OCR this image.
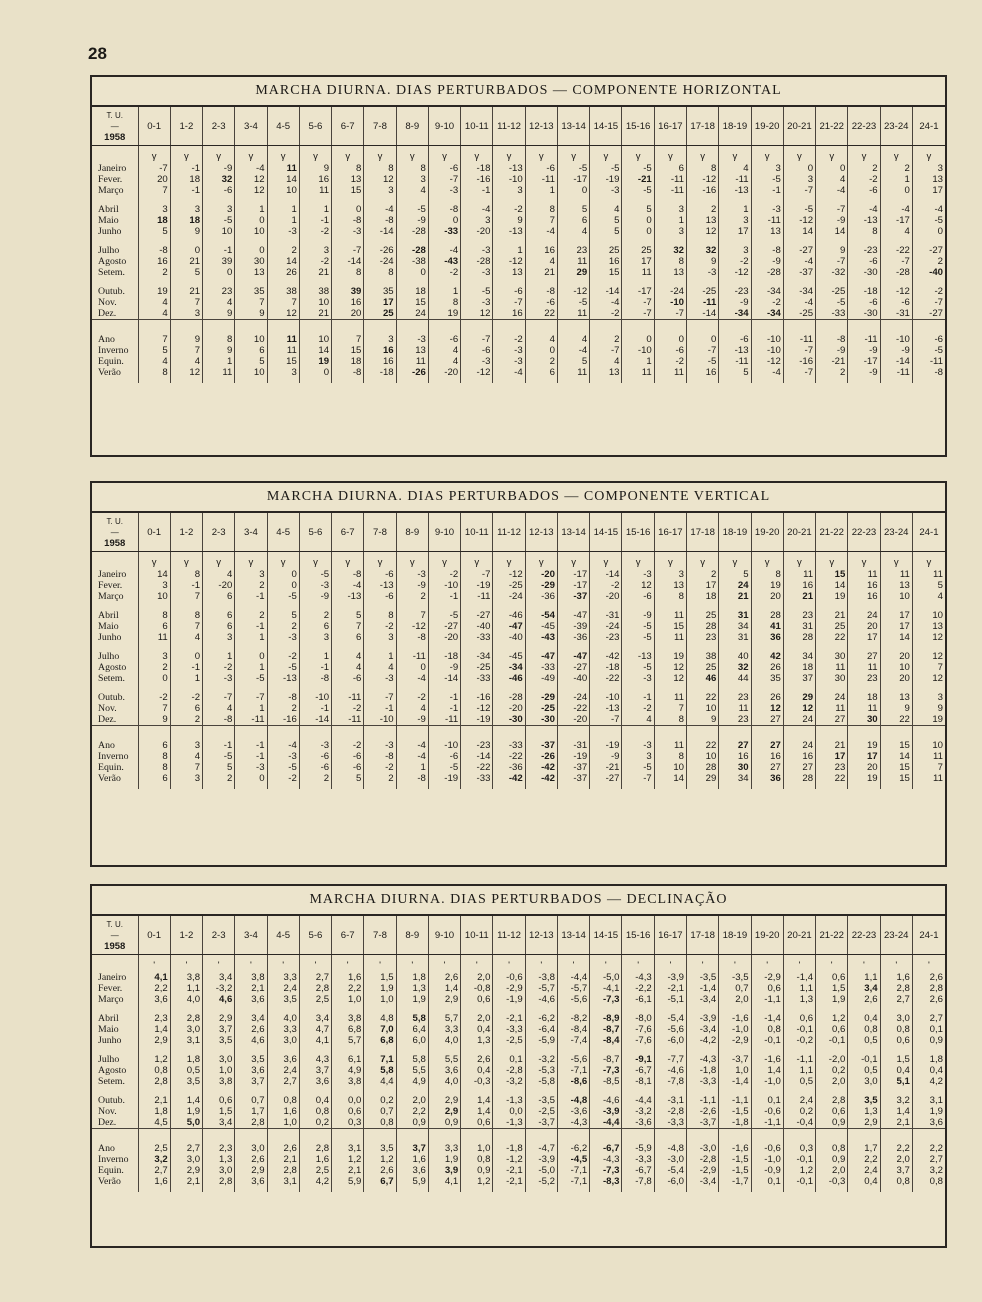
28
MARCHA DIURNA. DIAS PERTURBADOS — COMPONENTE HORIZONTAL
T. U.
—
1958	0-1	1-2	2-3	3-4	4-5	5-6	6-7	7-8	8-9	9-10	10-11	11-12	12-13	13-14	14-15	15-16	16-17	17-18	18-19	19-20	20-21	21-22	22-23	23-24	24-1
	γ	γ	γ	γ	γ	γ	γ	γ	γ	γ	γ	γ	γ	γ	γ	γ	γ	γ	γ	γ	γ	γ	γ	γ	γ
Janeiro	-7	-1	-9	-4	11	9	8	8	8	-6	-18	-13	-6	-5	-5	-5	6	8	4	3	0	0	2	2	3
Fever.	20	18	32	12	14	16	13	12	3	-7	-16	-10	-11	-17	-19	-21	-11	-12	-11	-5	3	4	-2	1	13
Março	7	-1	-6	12	10	11	15	3	4	-3	-1	3	1	0	-3	-5	-11	-16	-13	-1	-7	-4	-6	0	17
Abril	3	3	3	1	1	1	0	-4	-5	-8	-4	-2	8	5	4	5	3	2	1	-3	-5	-7	-4	-4	-4
Maio	18	18	-5	0	1	-1	-8	-8	-9	0	3	9	7	6	5	0	1	13	3	-11	-12	-9	-13	-17	-5
Junho	5	9	10	10	-3	-2	-3	-14	-28	-33	-20	-13	-4	4	5	0	3	12	17	13	14	14	8	4	0
Julho	-8	0	-1	0	2	3	-7	-26	-28	-4	-3	1	16	23	25	25	32	32	3	-8	-27	9	-23	-22	-27
Agosto	16	21	39	30	14	-2	-14	-24	-38	-43	-28	-12	4	11	16	17	8	9	-2	-9	-4	-7	-6	-7	2
Setem.	2	5	0	13	26	21	8	8	0	-2	-3	13	21	29	15	11	13	-3	-12	-28	-37	-32	-30	-28	-40
Outub.	19	21	23	35	38	38	39	35	18	1	-5	-6	-8	-12	-14	-17	-24	-25	-23	-34	-34	-25	-18	-12	-2
Nov.	4	7	4	7	7	10	16	17	15	8	-3	-7	-6	-5	-4	-7	-10	-11	-9	-2	-4	-5	-6	-6	-7
Dez.	4	3	9	9	12	21	20	25	24	19	12	16	22	11	-2	-7	-7	-14	-34	-34	-25	-33	-30	-31	-27
Ano	7	9	8	10	11	10	7	3	-3	-6	-7	-2	4	4	2	0	0	0	-6	-10	-11	-8	-11	-10	-6
Inverno	5	7	9	6	11	14	15	16	13	4	-6	-3	0	-4	-7	-10	-6	-7	-13	-10	-7	-9	-9	-9	-5
Equin.	4	4	1	5	15	19	18	16	11	4	-3	-3	2	5	4	1	-2	-5	-11	-12	-16	-21	-17	-14	-11
Verão	8	12	11	10	3	0	-8	-18	-26	-20	-12	-4	6	11	13	11	11	16	5	-4	-7	2	-9	-11	-8
MARCHA DIURNA. DIAS PERTURBADOS — COMPONENTE VERTICAL
T. U.
—
1958	0-1	1-2	2-3	3-4	4-5	5-6	6-7	7-8	8-9	9-10	10-11	11-12	12-13	13-14	14-15	15-16	16-17	17-18	18-19	19-20	20-21	21-22	22-23	23-24	24-1
	γ	γ	γ	γ	γ	γ	γ	γ	γ	γ	γ	γ	γ	γ	γ	γ	γ	γ	γ	γ	γ	γ	γ	γ	γ
Janeiro	14	8	4	3	0	-5	-8	-6	-3	-2	-7	-12	-20	-17	-14	-3	3	2	5	8	11	15	11	11	11
Fever.	3	-1	-20	2	0	-3	-4	-13	-9	-10	-19	-25	-29	-17	-2	12	13	17	24	19	16	14	16	13	5
Março	10	7	6	-1	-5	-9	-13	-6	2	-1	-11	-24	-36	-37	-20	-6	8	18	21	20	21	19	16	10	4
Abril	8	8	6	2	5	2	5	8	7	-5	-27	-46	-54	-47	-31	-9	11	25	31	28	23	21	24	17	10
Maio	6	7	6	-1	2	6	7	-2	-12	-27	-40	-47	-45	-39	-24	-5	15	28	34	41	31	25	20	17	13
Junho	11	4	3	1	-3	3	6	3	-8	-20	-33	-40	-43	-36	-23	-5	11	23	31	36	28	22	17	14	12
Julho	3	0	1	0	-2	1	4	1	-11	-18	-34	-45	-47	-47	-42	-13	19	38	40	42	34	30	27	20	12
Agosto	2	-1	-2	1	-5	-1	4	4	0	-9	-25	-34	-33	-27	-18	-5	12	25	32	26	18	11	11	10	7
Setem.	0	1	-3	-5	-13	-8	-6	-3	-4	-14	-33	-46	-49	-40	-22	-3	12	46	44	35	37	30	23	20	12
Outub.	-2	-2	-7	-7	-8	-10	-11	-7	-2	-1	-16	-28	-29	-24	-10	-1	11	22	23	26	29	24	18	13	3
Nov.	7	6	4	1	2	-1	-2	-1	4	-1	-12	-20	-25	-22	-13	-2	7	10	11	12	12	11	11	9	9
Dez.	9	2	-8	-11	-16	-14	-11	-10	-9	-11	-19	-30	-30	-20	-7	4	8	9	23	27	24	27	30	22	19
Ano	6	3	-1	-1	-4	-3	-2	-3	-4	-10	-23	-33	-37	-31	-19	-3	11	22	27	27	24	21	19	15	10
Inverno	8	4	-5	-1	-3	-6	-6	-8	-4	-6	-14	-22	-26	-19	-9	3	8	10	16	16	16	17	17	14	11
Equin.	8	7	5	-3	-5	-6	-6	-2	1	-5	-22	-36	-42	-37	-21	-5	10	28	30	27	27	23	20	15	7
Verão	6	3	2	0	-2	2	5	2	-8	-19	-33	-42	-42	-37	-27	-7	14	29	34	36	28	22	19	15	11
MARCHA DIURNA. DIAS PERTURBADOS — DECLINAÇÃO
T. U.
—
1958	0-1	1-2	2-3	3-4	4-5	5-6	6-7	7-8	8-9	9-10	10-11	11-12	12-13	13-14	14-15	15-16	16-17	17-18	18-19	19-20	20-21	21-22	22-23	23-24	24-1
	'	'	'	'	'	'	'	'	'	'	'	'	'	'	'	'	'	'	'	'	'	'	'	'	'
Janeiro	4,1	3,8	3,4	3,8	3,3	2,7	1,6	1,5	1,8	2,6	2,0	-0,6	-3,8	-4,4	-5,0	-4,3	-3,9	-3,5	-3,5	-2,9	-1,4	0,6	1,1	1,6	2,6
Fever.	2,2	1,1	-3,2	2,1	2,4	2,8	2,2	1,9	1,3	1,4	-0,8	-2,9	-5,7	-5,7	-4,1	-2,2	-2,1	-1,4	0,7	0,6	1,1	1,5	3,4	2,8	2,8
Março	3,6	4,0	4,6	3,6	3,5	2,5	1,0	1,0	1,9	2,9	0,6	-1,9	-4,6	-5,6	-7,3	-6,1	-5,1	-3,4	2,0	-1,1	1,3	1,9	2,6	2,7	2,6
Abril	2,3	2,8	2,9	3,4	4,0	3,4	3,8	4,8	5,8	5,7	2,0	-2,1	-6,2	-8,2	-8,9	-8,0	-5,4	-3,9	-1,6	-1,4	0,6	1,2	0,4	3,0	2,7
Maio	1,4	3,0	3,7	2,6	3,3	4,7	6,8	7,0	6,4	3,3	0,4	-3,3	-6,4	-8,4	-8,7	-7,6	-5,6	-3,4	-1,0	0,8	-0,1	0,6	0,8	0,8	0,1
Junho	2,9	3,1	3,5	4,6	3,0	4,1	5,7	6,8	6,0	4,0	1,3	-2,5	-5,9	-7,4	-8,4	-7,6	-6,0	-4,2	-2,9	-0,1	-0,2	-0,1	0,5	0,6	0,9
Julho	1,2	1,8	3,0	3,5	3,6	4,3	6,1	7,1	5,8	5,5	2,6	0,1	-3,2	-5,6	-8,7	-9,1	-7,7	-4,3	-3,7	-1,6	-1,1	-2,0	-0,1	1,5	1,8
Agosto	0,8	0,5	1,0	3,6	2,4	3,7	4,9	5,8	5,5	3,6	0,4	-2,8	-5,3	-7,1	-7,3	-6,7	-4,6	-1,8	1,0	1,4	1,1	0,2	0,5	0,4	0,4
Setem.	2,8	3,5	3,8	3,7	2,7	3,6	3,8	4,4	4,9	4,0	-0,3	-3,2	-5,8	-8,6	-8,5	-8,1	-7,8	-3,3	-1,4	-1,0	0,5	2,0	3,0	5,1	4,2
Outub.	2,1	1,4	0,6	0,7	0,8	0,4	0,0	0,2	2,0	2,9	1,4	-1,3	-3,5	-4,8	-4,6	-4,4	-3,1	-1,1	-1,1	0,1	2,4	2,8	3,5	3,2	3,1
Nov.	1,8	1,9	1,5	1,7	1,6	0,8	0,6	0,7	2,2	2,9	1,4	0,0	-2,5	-3,6	-3,9	-3,2	-2,8	-2,6	-1,5	-0,6	0,2	0,6	1,3	1,4	1,9
Dez.	4,5	5,0	3,4	2,8	1,0	0,2	0,3	0,8	0,9	0,9	0,6	-1,3	-3,7	-4,3	-4,4	-3,6	-3,3	-3,7	-1,8	-1,1	-0,4	0,9	2,9	2,1	3,6
Ano	2,5	2,7	2,3	3,0	2,6	2,8	3,1	3,5	3,7	3,3	1,0	-1,8	-4,7	-6,2	-6,7	-5,9	-4,8	-3,0	-1,6	-0,6	0,3	0,8	1,7	2,2	2,2
Inverno	3,2	3,0	1,3	2,6	2,1	1,6	1,2	1,2	1,6	1,9	0,8	-1,2	-3,9	-4,5	-4,3	-3,3	-3,0	-2,8	-1,5	-1,0	-0,1	0,9	2,2	2,0	2,7
Equin.	2,7	2,9	3,0	2,9	2,8	2,5	2,1	2,6	3,6	3,9	0,9	-2,1	-5,0	-7,1	-7,3	-6,7	-5,4	-2,9	-1,5	-0,9	1,2	2,0	2,4	3,7	3,2
Verão	1,6	2,1	2,8	3,6	3,1	4,2	5,9	6,7	5,9	4,1	1,2	-2,1	-5,2	-7,1	-8,3	-7,8	-6,0	-3,4	-1,7	0,1	-0,1	-0,3	0,4	0,8	0,8
